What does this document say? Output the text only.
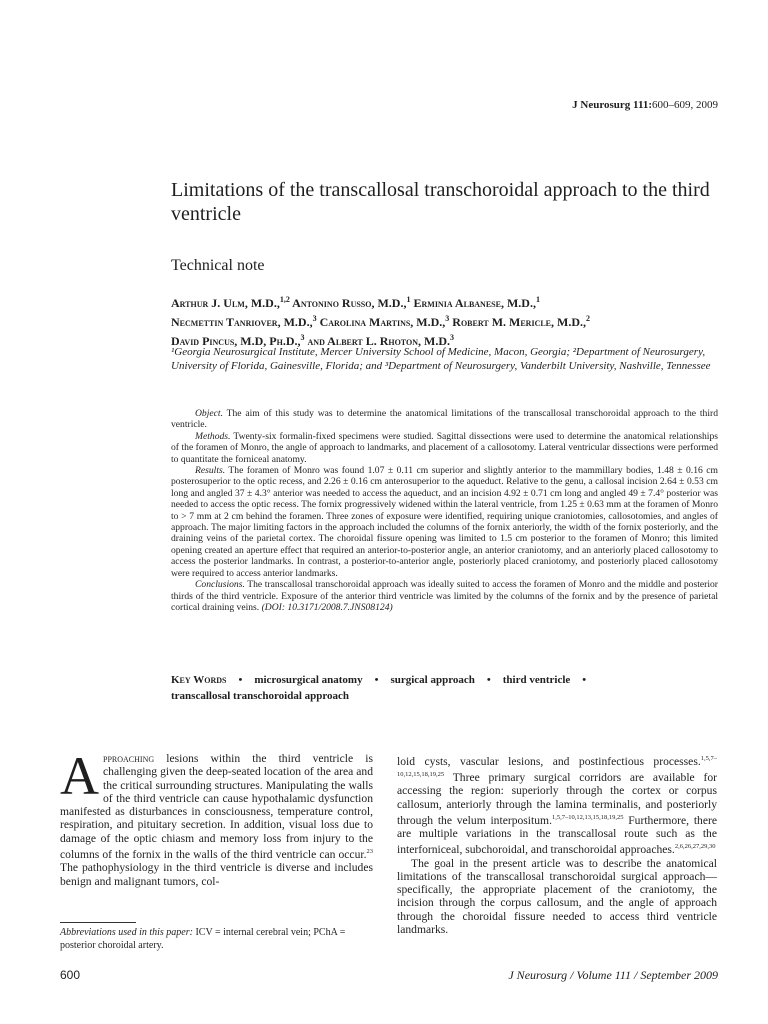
J Neurosurg 111:600–609, 2009
Limitations of the transcallosal transchoroidal approach to the third ventricle
Technical note
Arthur J. Ulm, M.D.,$^{1,2}$ Antonino Russo, M.D.,$^1$ Erminia Albanese, M.D.,$^1$
Necmettin Tanriover, M.D.,$^3$ Carolina Martins, M.D.,$^3$ Robert M. Mericle, M.D.,$^2$
David Pincus, M.D, Ph.D.,$^3$ and Albert L. Rhoton, M.D.$^3$
¹Georgia Neurosurgical Institute, Mercer University School of Medicine, Macon, Georgia; ²Department of Neurosurgery, University of Florida, Gainesville, Florida; and ³Department of Neurosurgery, Vanderbilt University, Nashville, Tennessee

Object. The aim of this study was to determine the anatomical limitations of the transcallosal transchoroidal approach to the third ventricle.

Methods. Twenty-six formalin-fixed specimens were studied. Sagittal dissections were used to determine the anatomical relationships of the foramen of Monro, the angle of approach to landmarks, and placement of a callosotomy. Lateral ventricular dissections were performed to quantitate the forniceal anatomy.

Results. The foramen of Monro was found 1.07 ± 0.11 cm superior and slightly anterior to the mammillary bodies, 1.48 ± 0.16 cm posterosuperior to the optic recess, and 2.26 ± 0.16 cm anterosuperior to the aqueduct. Relative to the genu, a callosal incision 2.64 ± 0.53 cm long and angled 37 ± 4.3° anterior was needed to access the aqueduct, and an incision 4.92 ± 0.71 cm long and angled 49 ± 7.4° posterior was needed to access the optic recess. The fornix progressively widened within the lateral ventricle, from 1.25 ± 0.63 mm at the foramen of Monro to > 7 mm at 2 cm behind the foramen. Three zones of exposure were identified, requiring unique craniotomies, callosotomies, and angles of approach. The major limiting factors in the approach included the columns of the fornix anteriorly, the width of the fornix posteriorly, and the draining veins of the parietal cortex. The choroidal fissure opening was limited to 1.5 cm posterior to the foramen of Monro; this limited opening created an aperture effect that required an anterior-to-posterior angle, an anterior craniotomy, and an anteriorly placed callosotomy to access the posterior landmarks. In contrast, a posterior-to-anterior angle, posteriorly placed craniotomy, and posteriorly placed callosotomy were required to access anterior landmarks.

Conclusions. The transcallosal transchoroidal approach was ideally suited to access the foramen of Monro and the middle and posterior thirds of the third ventricle. Exposure of the anterior third ventricle was limited by the columns of the fornix and by the presence of parietal cortical draining veins. (DOI: 10.3171/2008.7.JNS08124)

Key Words • microsurgical anatomy • surgical approach • third ventricle •
transcallosal transchoroidal approach

Approaching lesions within the third ventricle is challenging given the deep-seated location of the area and the critical surrounding structures. Manipulating the walls of the third ventricle can cause hypothalamic dysfunction manifested as disturbances in consciousness, temperature control, respiration, and pituitary secretion. In addition, visual loss due to damage of the optic chiasm and memory loss from injury to the columns of the fornix in the walls of the third ventricle can occur.$^{23}$ The pathophysiology in the third ventricle is diverse and includes benign and malignant tumors, col-

Abbreviations used in this paper: ICV = internal cerebral vein; PChA = posterior choroidal artery.

loid cysts, vascular lesions, and postinfectious processes.$^{1,5,7-10,12,15,18,19,25}$ Three primary surgical corridors are available for accessing the region: superiorly through the cortex or corpus callosum, anteriorly through the lamina terminalis, and posteriorly through the velum interpositum.$^{1,5,7-10,12,13,15,18,19,25}$ Furthermore, there are multiple variations in the transcallosal route such as the interforniceal, subchoroidal, and transchoroidal approaches.$^{2,6,26,27,29,30}$

The goal in the present article was to describe the anatomical limitations of the transcallosal transchoroidal surgical approach—specifically, the appropriate placement of the craniotomy, the incision through the corpus callosum, and the angle of approach through the choroidal fissure needed to access third ventricle landmarks.

600	J Neurosurg / Volume 111 / September 2009
